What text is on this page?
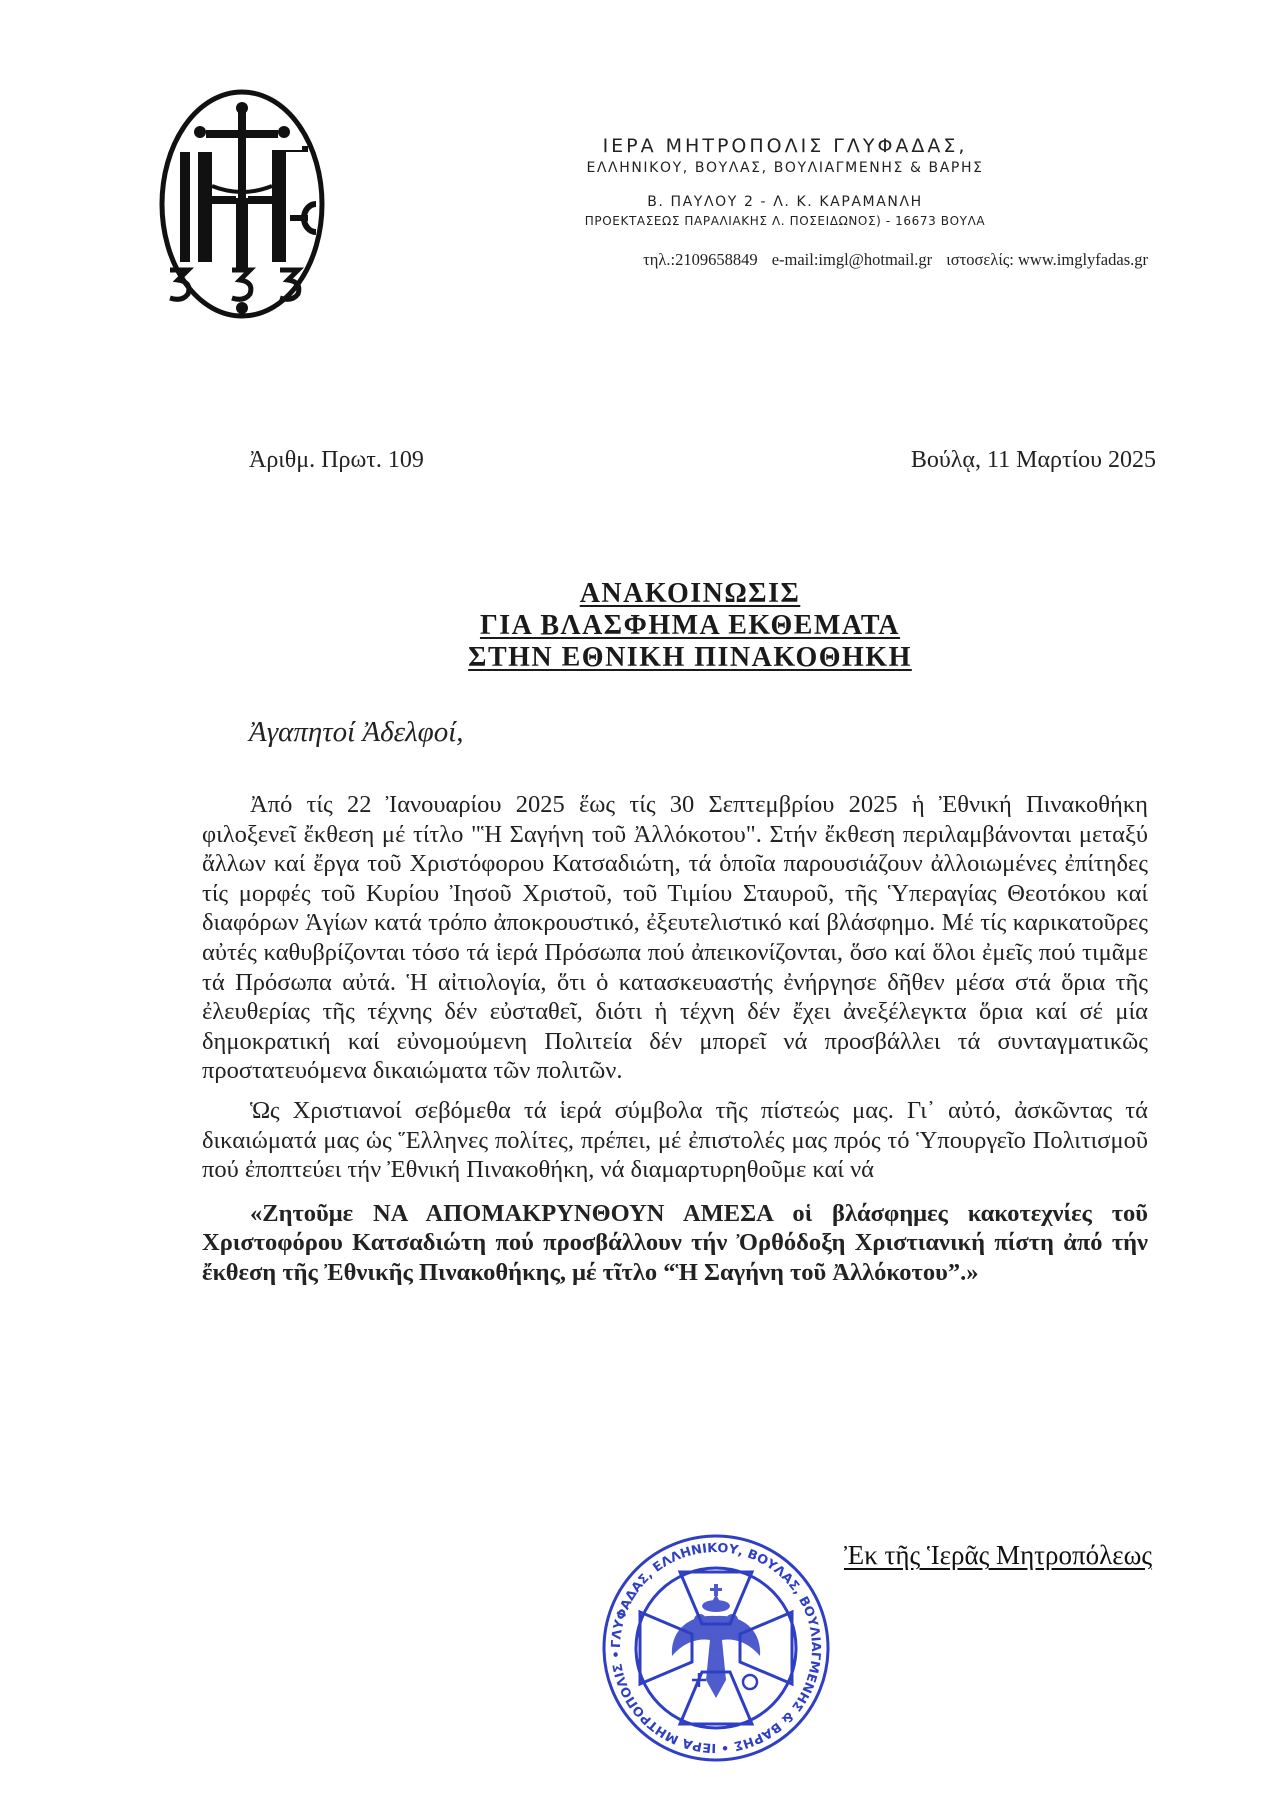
ΙΕΡΑ ΜΗΤΡΟΠΟΛΙΣ ΓΛΥΦΑΔΑΣ,
ΕΛΛΗΝΙΚΟΥ, ΒΟΥΛΑΣ, ΒΟΥΛΙΑΓΜΕΝΗΣ & ΒΑΡΗΣ
Β. ΠΑΥΛΟΥ 2 - Λ. Κ. ΚΑΡΑΜΑΝΛΗ
ΠΡΟΕΚΤΑΣΕΩΣ ΠΑΡΑΛΙΑΚΗΣ Λ. ΠΟΣΕΙΔΩΝΟΣ) - 16673 ΒΟΥΛΑ
τηλ.:2109658849 e-mail:imgl@hotmail.gr ιστοσελίς: www.imglyfadas.gr
Ἀριθμ. Πρωτ. 109	Βούλᾳ, 11 Μαρτίου 2025
ΑΝΑΚΟΙΝΩΣΙΣ
ΓΙΑ ΒΛΑΣΦΗΜΑ ΕΚΘΕΜΑΤΑ
ΣΤΗΝ ΕΘΝΙΚΗ ΠΙΝΑΚΟΘΗΚΗ
Ἀγαπητοί Ἀδελφοί,

Ἀπό τίς 22 Ἰανουαρίου 2025 ἕως τίς 30 Σεπτεμβρίου 2025 ἡ Ἐθνική Πινακοθήκη φιλοξενεῖ ἔκθεση μέ τίτλο "Ἡ Σαγήνη τοῦ Ἀλλόκοτου". Στήν ἔκθεση περιλαμβάνονται μεταξύ ἄλλων καί ἔργα τοῦ Χριστόφορου Κατσαδιώτη, τά ὁποῖα παρουσιάζουν ἀλλοιωμένες ἐπίτηδες τίς μορφές τοῦ Κυρίου Ἰησοῦ Χριστοῦ, τοῦ Τιμίου Σταυροῦ, τῆς Ὑπεραγίας Θεοτόκου καί διαφόρων Ἁγίων κατά τρόπο ἀποκρουστικό, ἐξευτελιστικό καί βλάσφημο. Μέ τίς καρικατοῦρες αὐτές καθυβρίζονται τόσο τά ἱερά Πρόσωπα πού ἀπεικονίζονται, ὅσο καί ὅλοι ἐμεῖς πού τιμᾶμε τά Πρόσωπα αὐτά. Ἡ αἰτιολογία, ὅτι ὁ κατασκευαστής ἐνήργησε δῆθεν μέσα στά ὅρια τῆς ἐλευθερίας τῆς τέχνης δέν εὐσταθεῖ, διότι ἡ τέχνη δέν ἔχει ἀνεξέλεγκτα ὅρια καί σέ μία δημοκρατική καί εὐνομούμενη Πολιτεία δέν μπορεῖ νά προσβάλλει τά συνταγματικῶς προστατευόμενα δικαιώματα τῶν πολιτῶν.

Ὡς Χριστιανοί σεβόμεθα τά ἱερά σύμβολα τῆς πίστεώς μας. Γι᾿ αὐτό, ἀσκῶντας τά δικαιώματά μας ὡς Ἕλληνες πολίτες, πρέπει, μέ ἐπιστολές μας πρός τό Ὑπουργεῖο Πολιτισμοῦ πού ἐποπτεύει τήν Ἐθνική Πινακοθήκη, νά διαμαρτυρηθοῦμε καί νά

«Ζητοῦμε ΝΑ ΑΠΟΜΑΚΡΥΝΘΟΥΝ ΑΜΕΣΑ οἱ βλάσφημες κακοτεχνίες τοῦ Χριστοφόρου Κατσαδιώτη πού προσβάλλουν τήν Ὀρθόδοξη Χριστιανική πίστη ἀπό τήν ἔκθεση τῆς Ἐθνικῆς Πινακοθήκης, μέ τῖτλο “Ἡ Σαγήνη τοῦ Ἀλλόκοτου”.»

ΓΛΥΦΑΔΑΣ, ΕΛΛΗΝΙΚΟΥ, ΒΟΥΛΑΣ, ΒΟΥΛΙΑΓΜΕΝΗΣ & ΒΑΡΗΣ • ΙΕΡΑ ΜΗΤΡΟΠΟΛΙΣ •
Ἐκ τῆς Ἱερᾶς Μητροπόλεως
